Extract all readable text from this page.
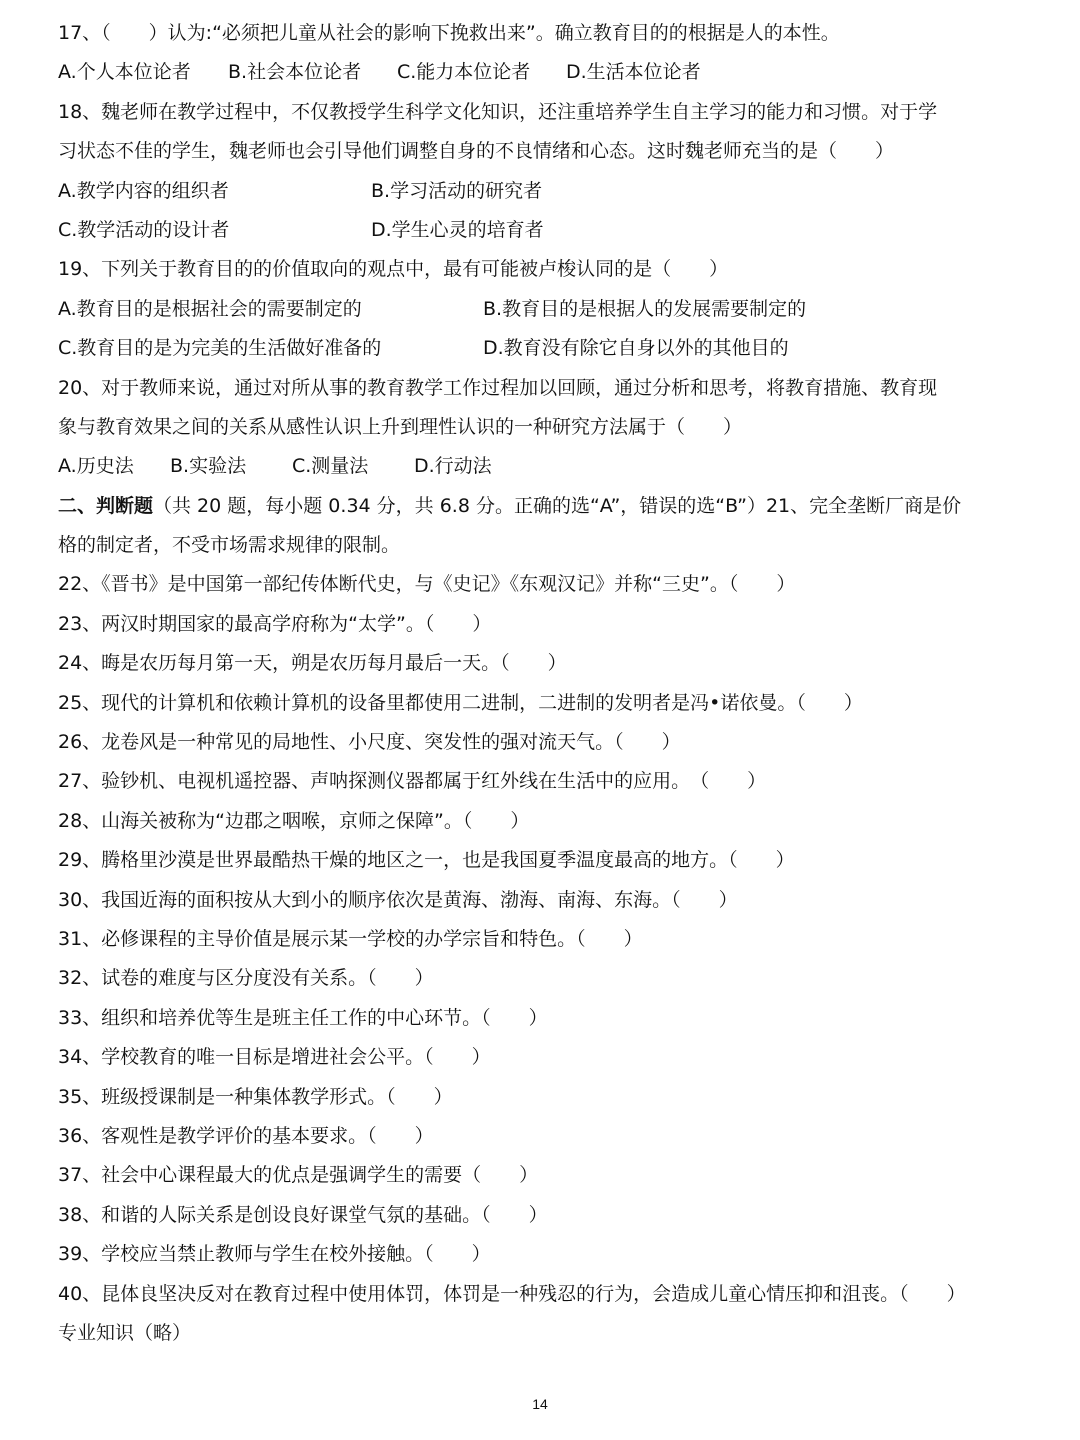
17、（　　）认为:“必须把儿童从社会的影响下挽救出来”。确立教育目的的根据是人的本性。
A.个人本位论者 B.社会本位论者 C.能力本位论者 D.生活本位论者
18、魏老师在教学过程中，不仅教授学生科学文化知识，还注重培养学生自主学习的能力和习惯。对于学
习状态不佳的学生，魏老师也会引导他们调整自身的不良情绪和心态。这时魏老师充当的是（　　）
A.教学内容的组织者	B.学习活动的研究者
C.教学活动的设计者	D.学生心灵的培育者
19、下列关于教育目的的价值取向的观点中，最有可能被卢梭认同的是（　　）
A.教育目的是根据社会的需要制定的	B.教育目的是根据人的发展需要制定的
C.教育目的是为完美的生活做好准备的	D.教育没有除它自身以外的其他目的
20、对于教师来说，通过对所从事的教育教学工作过程加以回顾，通过分析和思考，将教育措施、教育现
象与教育效果之间的关系从感性认识上升到理性认识的一种研究方法属于（　　）
A.历史法 B.实验法 C.测量法 D.行动法
二、判断题（共 20 题，每小题 0.34 分，共 6.8 分。正确的选“A”，错误的选“B”）21、完全垄断厂商是价
格的制定者，不受市场需求规律的限制。
22、《晋书》是中国第一部纪传体断代史，与《史记》《东观汉记》并称“三史”。（　　）
23、两汉时期国家的最高学府称为“太学”。（　　）
24、晦是农历每月第一天，朔是农历每月最后一天。（　　）
25、现代的计算机和依赖计算机的设备里都使用二进制，二进制的发明者是冯•诺依曼。（　　）
26、龙卷风是一种常见的局地性、小尺度、突发性的强对流天气。（　　）
27、验钞机、电视机遥控器、声呐探测仪器都属于红外线在生活中的应用。　（　　）
28、山海关被称为“边郡之咽喉，京师之保障”。（　　）
29、腾格里沙漠是世界最酷热干燥的地区之一，也是我国夏季温度最高的地方。（　　）
30、我国近海的面积按从大到小的顺序依次是黄海、渤海、南海、东海。（　　）
31、必修课程的主导价值是展示某一学校的办学宗旨和特色。（　　）
32、试卷的难度与区分度没有关系。（　　）
33、组织和培养优等生是班主任工作的中心环节。（　　）
34、学校教育的唯一目标是增进社会公平。（　　）
35、班级授课制是一种集体教学形式。（　　）
36、客观性是教学评价的基本要求。（　　）
37、社会中心课程最大的优点是强调学生的需要（　　）
38、和谐的人际关系是创设良好课堂气氛的基础。（　　）
39、学校应当禁止教师与学生在校外接触。（　　）
40、昆体良坚决反对在教育过程中使用体罚，体罚是一种残忍的行为，会造成儿童心情压抑和沮丧。（　　）
专业知识（略）
14
